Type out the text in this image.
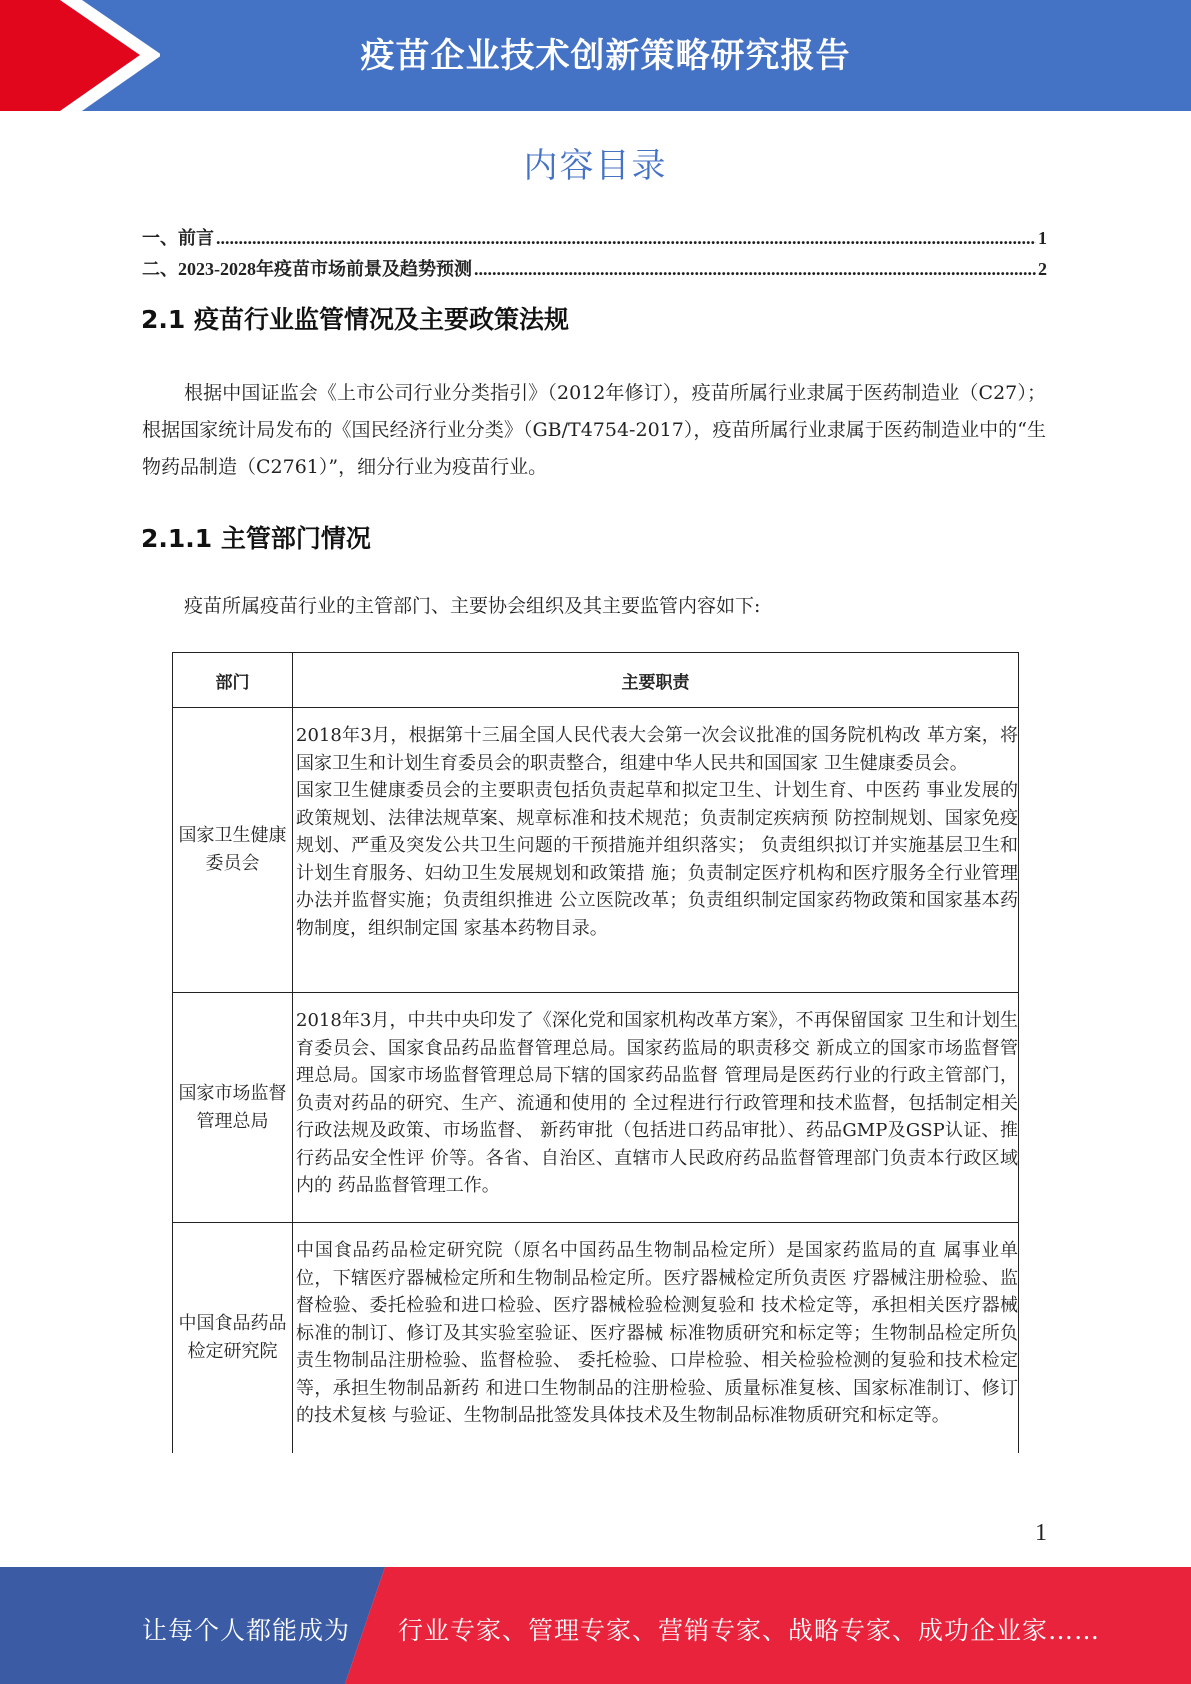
疫苗企业技术创新策略研究报告
内容目录
一、前言 .....	1
二、2023-2028年疫苗市场前景及趋势预测 .....	2
2.1 疫苗行业监管情况及主要政策法规
根据中国证监会《上市公司行业分类指引》（2012年修订），疫苗所属行业隶属于医药制造业（C27）；根据国家统计局发布的《国民经济行业分类》（GB/T4754-2017），疫苗所属行业隶属于医药制造业中的“生物药品制造（C2761）”，细分行业为疫苗行业。
2.1.1 主管部门情况
疫苗所属疫苗行业的主管部门、主要协会组织及其主要监管内容如下:
部门	主要职责
国家卫生健康委员会	2018年3月，根据第十三届全国人民代表大会第一次会议批准的国务院机构改 革方案，将国家卫生和计划生育委员会的职责整合，组建中华人民共和国国家 卫生健康委员会。

国家卫生健康委员会的主要职责包括负责起草和拟定卫生、计划生育、中医药 事业发展的政策规划、法律法规草案、规章标准和技术规范；负责制定疾病预 防控制规划、国家免疫规划、严重及突发公共卫生问题的干预措施并组织落实； 负责组织拟订并实施基层卫生和计划生育服务、妇幼卫生发展规划和政策措 施；负责制定医疗机构和医疗服务全行业管理办法并监督实施；负责组织推进 公立医院改革；负责组织制定国家药物政策和国家基本药物制度，组织制定国 家基本药物目录。

国家市场监督管理总局	2018年3月，中共中央印发了《深化党和国家机构改革方案》，不再保留国家 卫生和计划生育委员会、国家食品药品监督管理总局。国家药监局的职责移交 新成立的国家市场监督管理总局。国家市场监督管理总局下辖的国家药品监督 管理局是医药行业的行政主管部门，负责对药品的研究、生产、流通和使用的 全过程进行行政管理和技术监督，包括制定相关行政法规及政策、市场监督、 新药审批（包括进口药品审批）、药品GMP及GSP认证、推行药品安全性评 价等。各省、自治区、直辖市人民政府药品监督管理部门负责本行政区域内的 药品监督管理工作。

中国食品药品检定研究院	中国食品药品检定研究院（原名中国药品生物制品检定所）是国家药监局的直 属事业单位，下辖医疗器械检定所和生物制品检定所。医疗器械检定所负责医 疗器械注册检验、监督检验、委托检验和进口检验、医疗器械检验检测复验和 技术检定等，承担相关医疗器械标准的制订、修订及其实验室验证、医疗器械 标准物质研究和标定等；生物制品检定所负责生物制品注册检验、监督检验、 委托检验、口岸检验、相关检验检测的复验和技术检定等，承担生物制品新药 和进口生物制品的注册检验、质量标准复核、国家标准制订、修订的技术复核 与验证、生物制品批签发具体技术及生物制品标准物质研究和标定等。

1
让每个人都能成为 行业专家、管理专家、营销专家、战略专家、成功企业家……
